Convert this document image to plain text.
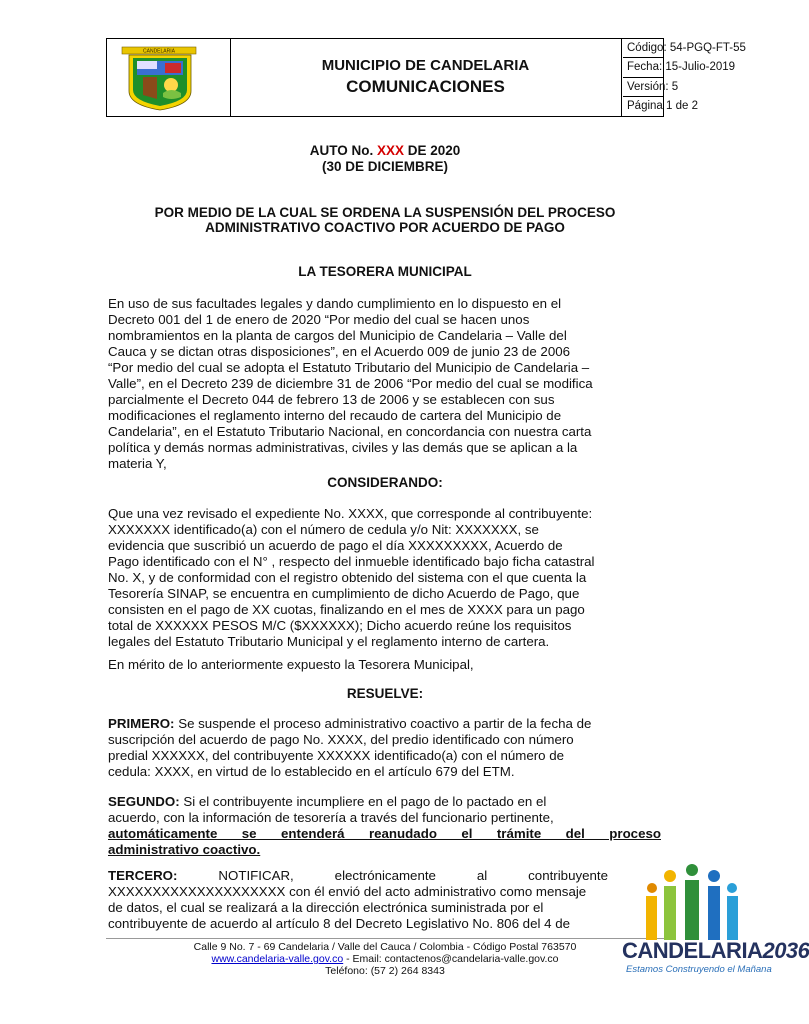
CANDELARIA
MUNICIPIO DE CANDELARIA
COMUNICACIONES
Código: 54-PGQ-FT-55
Fecha: 15-Julio-2019
Versión: 5
Página 1 de 2
AUTO No. XXX DE 2020
(30 DE DICIEMBRE)
POR MEDIO DE LA CUAL SE ORDENA LA SUSPENSIÓN DEL PROCESO
ADMINISTRATIVO COACTIVO POR ACUERDO DE PAGO
LA TESORERA MUNICIPAL
En uso de sus facultades legales y dando cumplimiento en lo dispuesto en el
Decreto 001 del 1 de enero de 2020 “Por medio del cual se hacen unos
nombramientos en la planta de cargos del Municipio de Candelaria – Valle del
Cauca y se dictan otras disposiciones”, en el Acuerdo 009 de junio 23 de 2006
“Por medio del cual se adopta el Estatuto Tributario del Municipio de Candelaria –
Valle”, en el Decreto 239 de diciembre 31 de 2006 “Por medio del cual se modifica
parcialmente el Decreto 044 de febrero 13 de 2006 y se establecen con sus
modificaciones el reglamento interno del recaudo de cartera del Municipio de
Candelaria”, en el Estatuto Tributario Nacional, en concordancia con nuestra carta
política y demás normas administrativas, civiles y las demás que se aplican a la
materia Y,
CONSIDERANDO:
Que una vez revisado el expediente No. XXXX, que corresponde al contribuyente:
XXXXXXX identificado(a) con el número de cedula y/o Nit: XXXXXXX, se
evidencia que suscribió un acuerdo de pago el día XXXXXXXXX, Acuerdo de
Pago identificado con el N° , respecto del inmueble identificado bajo ficha catastral
No. X, y de conformidad con el registro obtenido del sistema con el que cuenta la
Tesorería SINAP, se encuentra en cumplimiento de dicho Acuerdo de Pago, que
consisten en el pago de XX cuotas, finalizando en el mes de XXXX para un pago
total de XXXXXX PESOS M/C ($XXXXXX); Dicho acuerdo reúne los requisitos
legales del Estatuto Tributario Municipal y el reglamento interno de cartera.
En mérito de lo anteriormente expuesto la Tesorera Municipal,
RESUELVE:
PRIMERO: Se suspende el proceso administrativo coactivo a partir de la fecha de
suscripción del acuerdo de pago No. XXXX, del predio identificado con número
predial XXXXXX, del contribuyente XXXXXX identificado(a) con el número de
cedula: XXXX, en virtud de lo establecido en el artículo 679 del ETM.
SEGUNDO: Si el contribuyente incumpliere en el pago de lo pactado en el
acuerdo, con la información de tesorería a través del funcionario pertinente,
automáticamente se entenderá reanudado el trámite del proceso
administrativo coactivo.
TERCERO: NOTIFICAR, electrónicamente al contribuyente
XXXXXXXXXXXXXXXXXXXX con él envió del acto administrativo como mensaje
de datos, el cual se realizará a la dirección electrónica suministrada por el
contribuyente de acuerdo al artículo 8 del Decreto Legislativo No. 806 del 4 de
Calle 9 No. 7 - 69 Candelaria / Valle del Cauca / Colombia - Código Postal 763570
www.candelaria-valle.gov.co - Email: contactenos@candelaria-valle.gov.co
Teléfono: (57 2) 264 8343
CANDELARIA2036
Estamos Construyendo el Mañana
